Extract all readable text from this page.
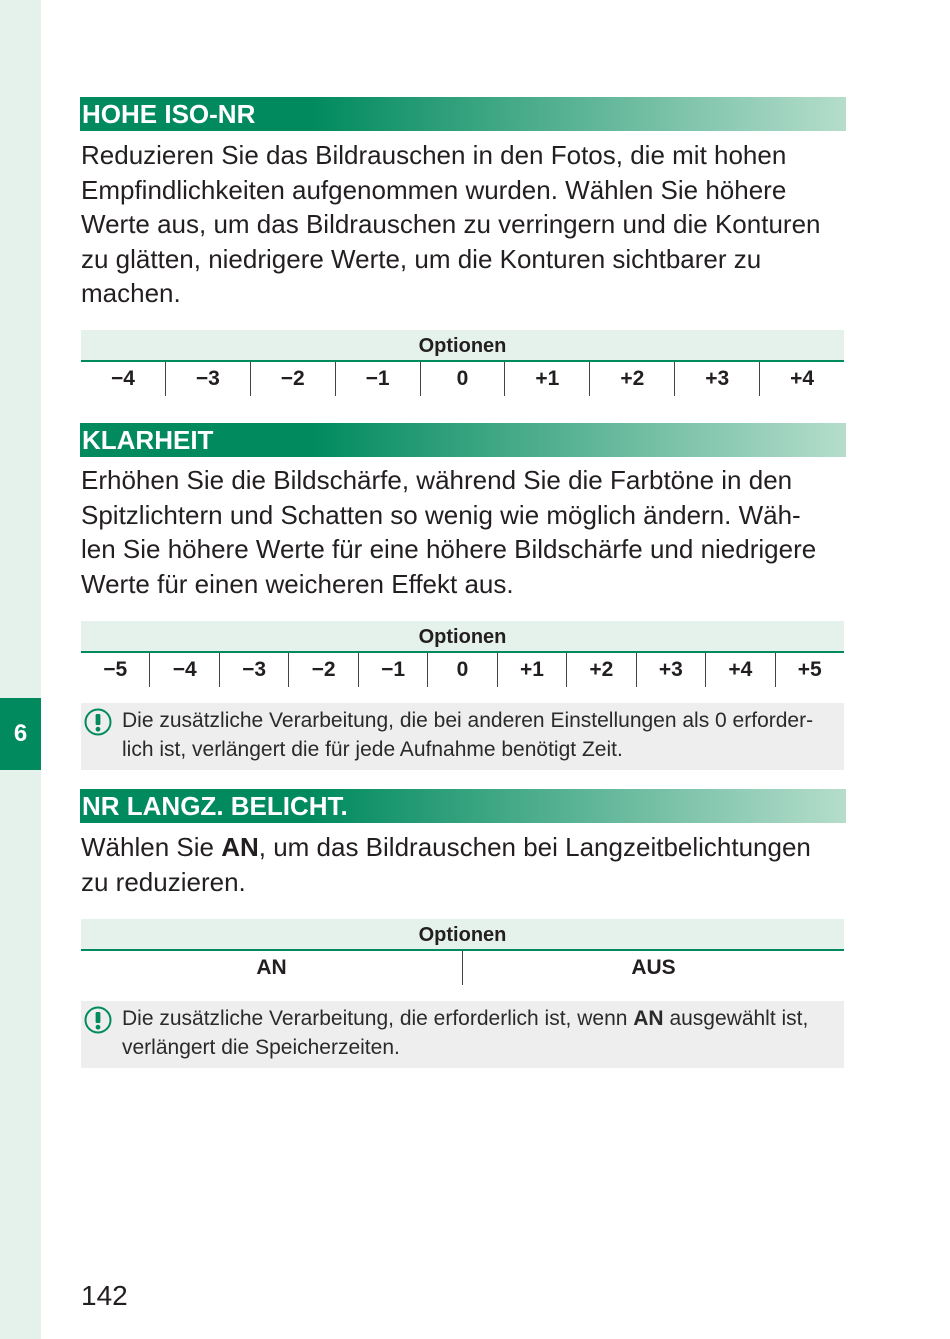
6
HOHE ISO-NR
Reduzieren Sie das Bildrauschen in den Fotos, die mit hohen
Empfindlichkeiten aufgenommen wurden. Wählen Sie höhere
Werte aus, um das Bildrauschen zu verringern und die Konturen
zu glätten, niedrigere Werte, um die Konturen sichtbarer zu
machen.
Optionen
−4	−3	−2	−1	0	+1	+2	+3	+4
KLARHEIT
Erhöhen Sie die Bildschärfe, während Sie die Farbtöne in den
Spitzlichtern und Schatten so wenig wie möglich ändern. Wäh-
len Sie höhere Werte für eine höhere Bildschärfe und niedrigere
Werte für einen weicheren Effekt aus.
Optionen
−5	−4	−3	−2	−1	0	+1	+2	+3	+4	+5

Die zusätzliche Verarbeitung, die bei anderen Einstellungen als 0 erforder-

lich ist, verlängert die für jede Aufnahme benötigt Zeit.

NR LANGZ. BELICHT.
Wählen Sie AN, um das Bildrauschen bei Langzeitbelichtungen
zu reduzieren.
Optionen
AN	AUS

Die zusätzliche Verarbeitung, die erforderlich ist, wenn AN ausgewählt ist,

verlängert die Speicherzeiten.

142
